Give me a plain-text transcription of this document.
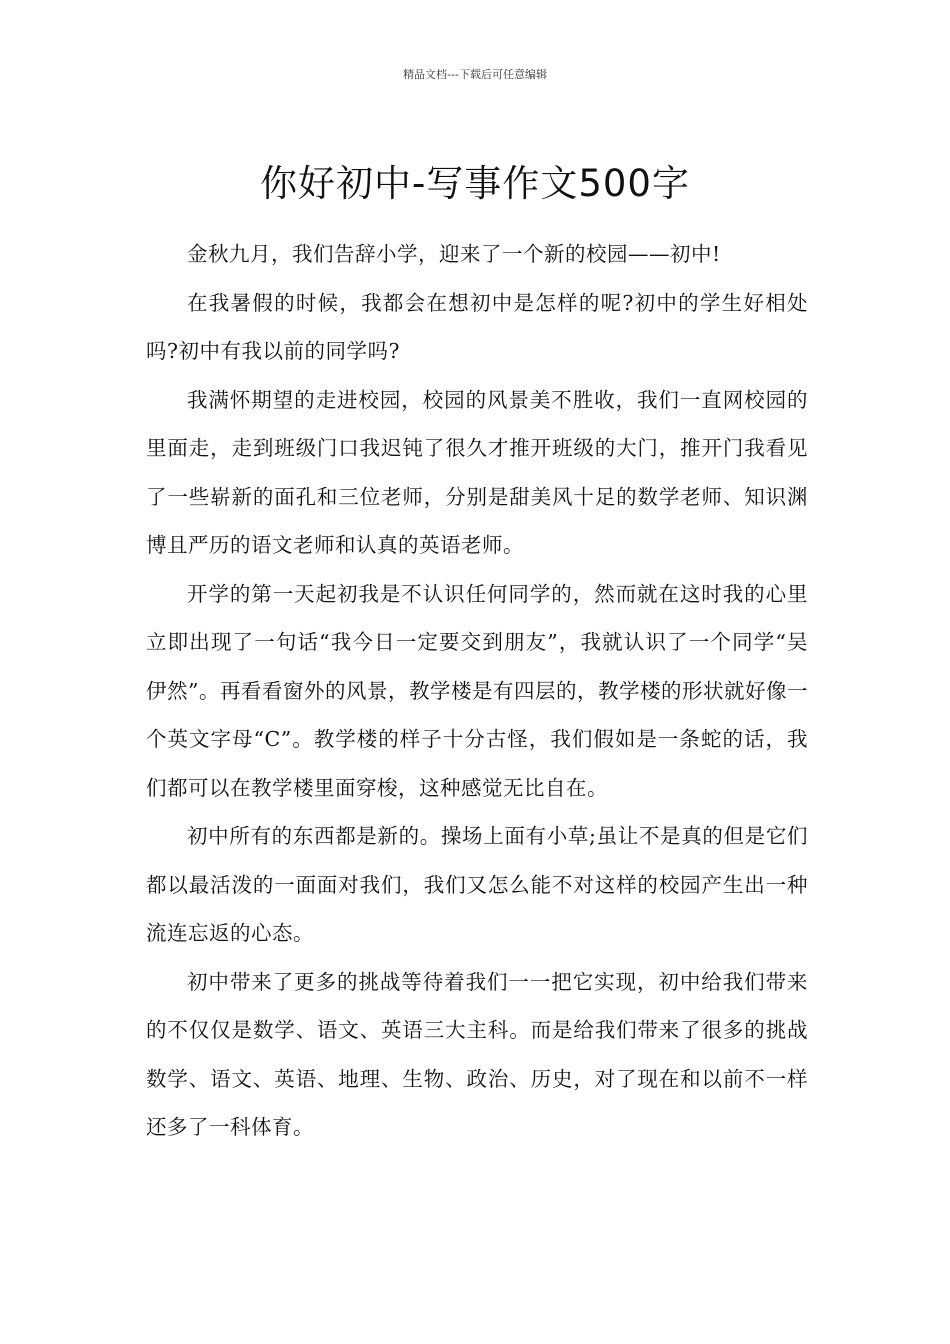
精品文档---下载后可任意编辑
你好初中-写事作文500字

金秋九月，我们告辞小学，迎来了一个新的校园——初中!

在我暑假的时候，我都会在想初中是怎样的呢?初中的学生好相处吗?初中有我以前的同学吗?

我满怀期望的走进校园，校园的风景美不胜收，我们一直网校园的里面走，走到班级门口我迟钝了很久才推开班级的大门，推开门我看见了一些崭新的面孔和三位老师，分别是甜美风十足的数学老师、知识渊博且严历的语文老师和认真的英语老师。

开学的第一天起初我是不认识任何同学的，然而就在这时我的心里立即出现了一句话“我今日一定要交到朋友”，我就认识了一个同学“吴伊然”。再看看窗外的风景，教学楼是有四层的，教学楼的形状就好像一个英文字母“C”。教学楼的样子十分古怪，我们假如是一条蛇的话，我们都可以在教学楼里面穿梭，这种感觉无比自在。

初中所有的东西都是新的。操场上面有小草;虽让不是真的但是它们都以最活泼的一面面对我们，我们又怎么能不对这样的校园产生出一种流连忘返的心态。

初中带来了更多的挑战等待着我们一一把它实现，初中给我们带来的不仅仅是数学、语文、英语三大主科。而是给我们带来了很多的挑战数学、语文、英语、地理、生物、政治、历史，对了现在和以前不一样还多了一科体育。
